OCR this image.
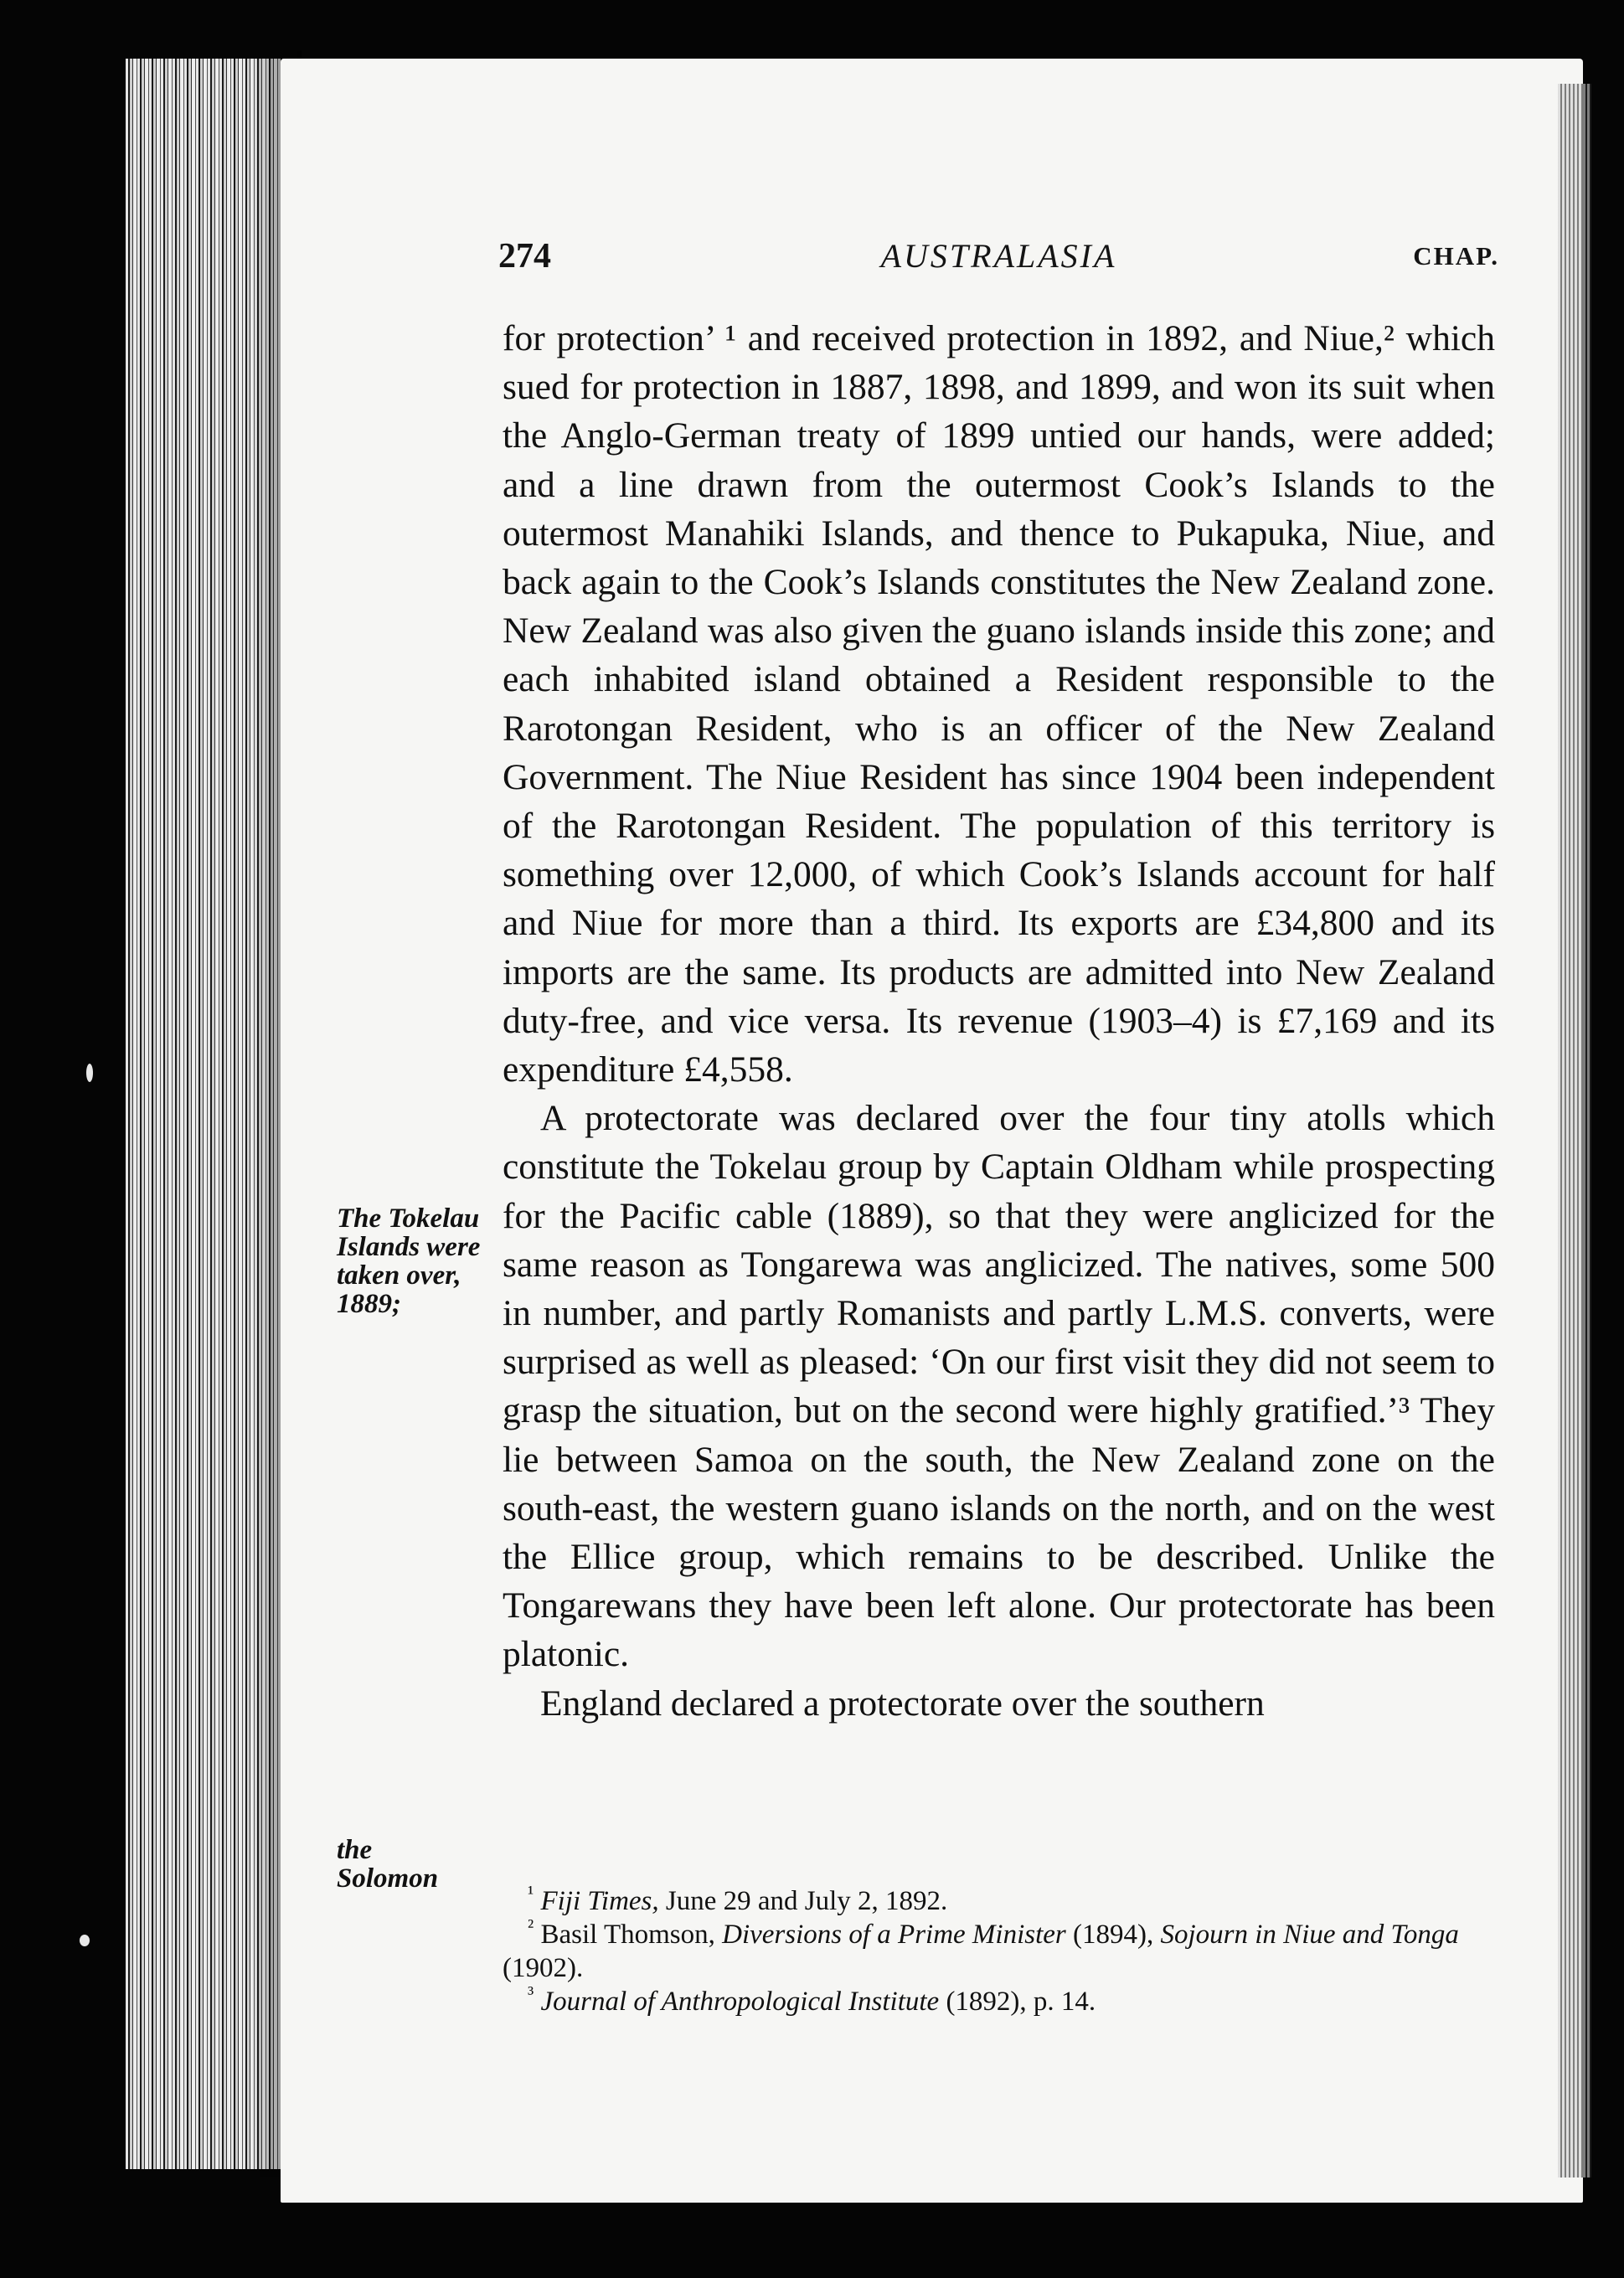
274	AUSTRALASIA	CHAP.

for protection’ ¹ and received protection in 1892, and Niue,² which sued for protection in 1887, 1898, and 1899, and won its suit when the Anglo-German treaty of 1899 untied our hands, were added; and a line drawn from the outermost Cook’s Islands to the outermost Manahiki Islands, and thence to Pukapuka, Niue, and back again to the Cook’s Islands constitutes the New Zealand zone. New Zealand was also given the guano islands inside this zone; and each inhabited island obtained a Resident responsible to the Rarotongan Resident, who is an officer of the New Zealand Government. The Niue Resident has since 1904 been independent of the Rarotongan Resident. The population of this territory is something over 12,000, of which Cook’s Islands account for half and Niue for more than a third. Its exports are £34,800 and its imports are the same. Its products are admitted into New Zealand duty-free, and vice versa. Its revenue (1903–4) is £7,169 and its expenditure £4,558.

A protectorate was declared over the four tiny atolls which constitute the Tokelau group by Captain Oldham while prospecting for the Pacific cable (1889), so that they were anglicized for the same reason as Tongarewa was anglicized. The natives, some 500 in number, and partly Romanists and partly L.M.S. converts, were surprised as well as pleased: ‘On our first visit they did not seem to grasp the situation, but on the second were highly gratified.’³ They lie between Samoa on the south, the New Zealand zone on the south-east, the western guano islands on the north, and on the west the Ellice group, which remains to be described. Unlike the Tongarewans they have been left alone. Our protectorate has been platonic.

England declared a protectorate over the southern

The Tokelau Islands were taken over, 1889;
the Solomon	$^{^1}$ Fiji Times, June 29 and July 2, 1892.

$^{^2}$ Basil Thomson, Diversions of a Prime Minister (1894), Sojourn in Niue and Tonga (1902).

$^{^3}$ Journal of Anthropological Institute (1892), p. 14.
